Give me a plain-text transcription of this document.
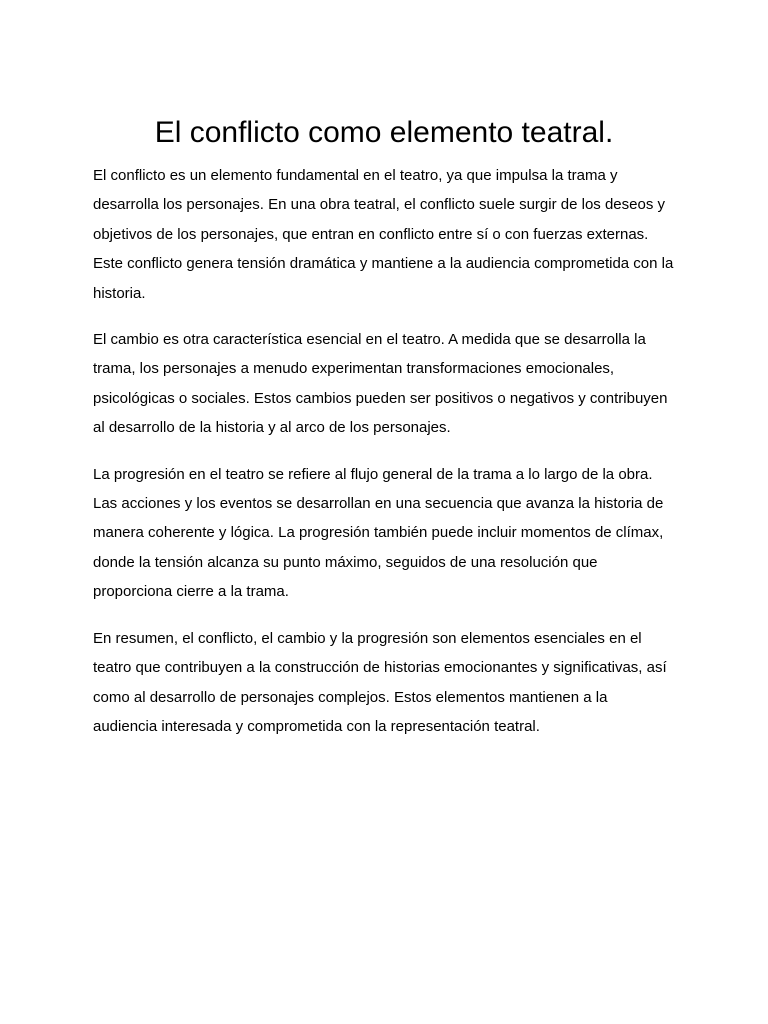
El conflicto como elemento teatral.

El conflicto es un elemento fundamental en el teatro, ya que impulsa la trama y desarrolla los personajes. En una obra teatral, el conflicto suele surgir de los deseos y objetivos de los personajes, que entran en conflicto entre sí o con fuerzas externas. Este conflicto genera tensión dramática y mantiene a la audiencia comprometida con la historia.

El cambio es otra característica esencial en el teatro. A medida que se desarrolla la trama, los personajes a menudo experimentan transformaciones emocionales, psicológicas o sociales. Estos cambios pueden ser positivos o negativos y contribuyen al desarrollo de la historia y al arco de los personajes.

La progresión en el teatro se refiere al flujo general de la trama a lo largo de la obra. Las acciones y los eventos se desarrollan en una secuencia que avanza la historia de manera coherente y lógica. La progresión también puede incluir momentos de clímax, donde la tensión alcanza su punto máximo, seguidos de una resolución que proporciona cierre a la trama.

En resumen, el conflicto, el cambio y la progresión son elementos esenciales en el teatro que contribuyen a la construcción de historias emocionantes y significativas, así como al desarrollo de personajes complejos. Estos elementos mantienen a la audiencia interesada y comprometida con la representación teatral.
